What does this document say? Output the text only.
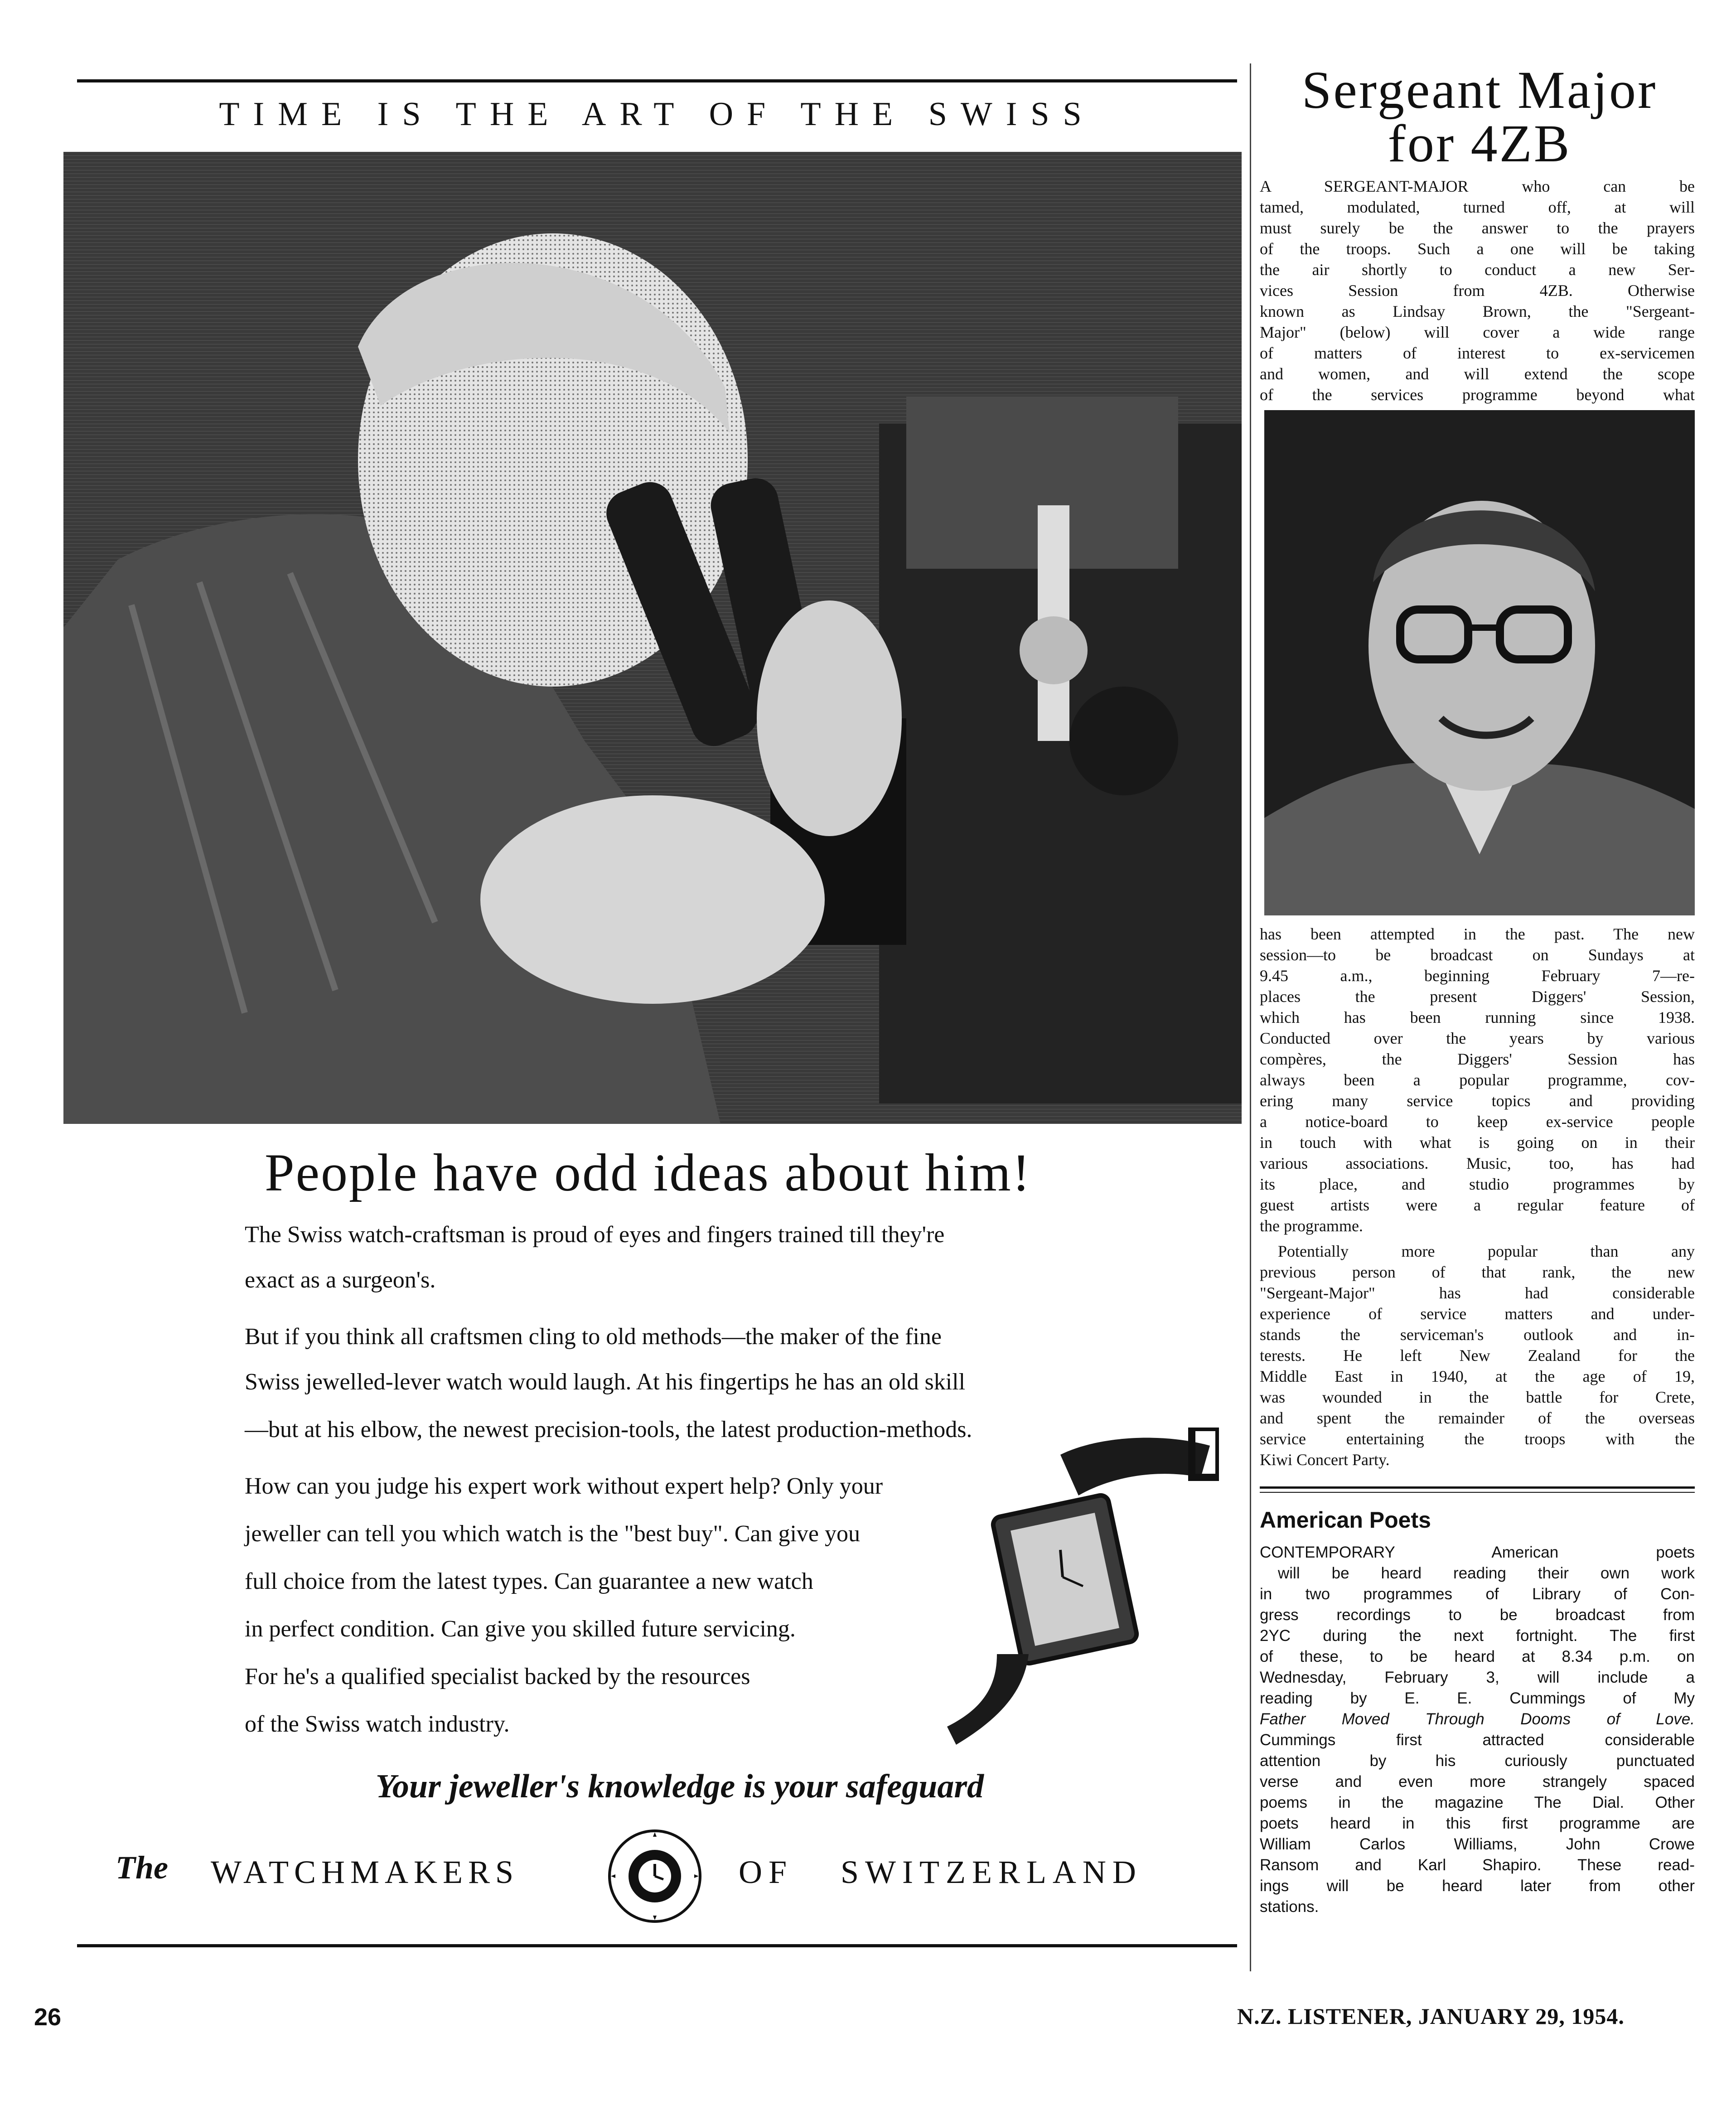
TIME IS THE ART OF THE SWISS
People have odd ideas about him!
The Swiss watch-craftsman is proud of eyes and fingers trained till they're
exact as a surgeon's.
But if you think all craftsmen cling to old methods—the maker of the fine
Swiss jewelled-lever watch would laugh. At his fingertips he has an old skill
—but at his elbow, the newest precision-tools, the latest production-methods.
How can you judge his expert work without expert help? Only your
jeweller can tell you which watch is the "best buy". Can give you
full choice from the latest types. Can guarantee a new watch
in perfect condition. Can give you skilled future servicing.
For he's a qualified specialist backed by the resources
of the Swiss watch industry.
Your jeweller's knowledge is your safeguard
The WATCHMAKERS	OF SWITZERLAND
26
Sergeant Major
for 4ZB
A SERGEANT-MAJOR who can be
tamed, modulated, turned off, at will
must surely be the answer to the prayers
of the troops. Such a one will be taking
the air shortly to conduct a new Ser-
vices Session from 4ZB. Otherwise
known as Lindsay Brown, the "Sergeant-
Major" (below) will cover a wide range
of matters of interest to ex-servicemen
and women, and will extend the scope
of the services programme beyond what
has been attempted in the past. The new
session—to be broadcast on Sundays at
9.45 a.m., beginning February 7—re-
places the present Diggers' Session,
which has been running since 1938.
Conducted over the years by various
compères, the Diggers' Session has
always been a popular programme, cov-
ering many service topics and providing
a notice-board to keep ex-service people
in touch with what is going on in their
various associations. Music, too, has had
its place, and studio programmes by
guest artists were a regular feature of
the programme.
Potentially more popular than any
previous person of that rank, the new
"Sergeant-Major" has had considerable
experience of service matters and under-
stands the serviceman's outlook and in-
terests. He left New Zealand for the
Middle East in 1940, at the age of 19,
was wounded in the battle for Crete,
and spent the remainder of the overseas
service entertaining the troops with the
Kiwi Concert Party.
American Poets
CONTEMPORARY American poets
will be heard reading their own work
in two programmes of Library of Con-
gress recordings to be broadcast from
2YC during the next fortnight. The first
of these, to be heard at 8.34 p.m. on
Wednesday, February 3, will include a
reading by E. E. Cummings of My
Father Moved Through Dooms of Love.
Cummings first attracted considerable
attention by his curiously punctuated
verse and even more strangely spaced
poems in the magazine The Dial. Other
poets heard in this first programme are
William Carlos Williams, John Crowe
Ransom and Karl Shapiro. These read-
ings will be heard later from other
stations.
N.Z. LISTENER, JANUARY 29, 1954.
